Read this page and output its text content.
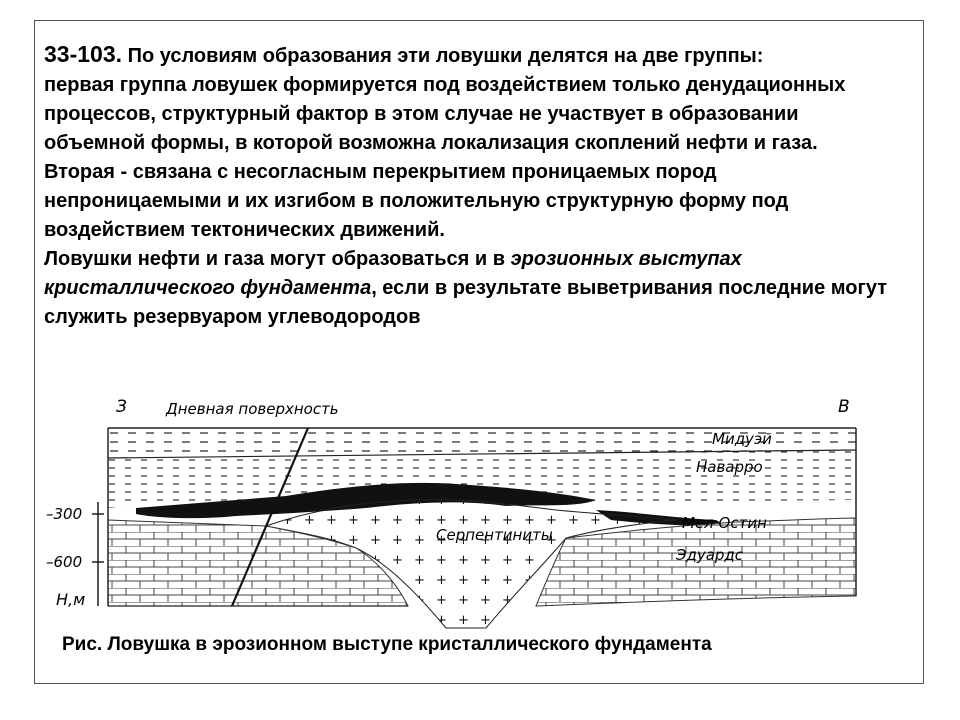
33-103. По условиям образования эти ловушки делятся на две группы:

первая группа ловушек формируется под воздействием только денудационных процессов, структурный фактор в этом случае не участвует в образовании объемной формы, в которой возможна локализация скоплений нефти и газа.

Вторая - связана с несогласным перекрытием проницаемых пород непроницаемыми и их изгибом в положительную структурную форму под воздействием тектонических движений.

Ловушки нефти и газа могут образоваться и в эрозионных выступах кристаллического фундамента, если в результате выветривания последние могут служить резервуаром углеводородов

З	Дневная поверхность	В
–300
–600
Н,м
Мидуэй
Наварро
Мел Остин
Эдуардс
Серпентиниты
Рис. Ловушка в эрозионном выступе кристаллического фундамента
